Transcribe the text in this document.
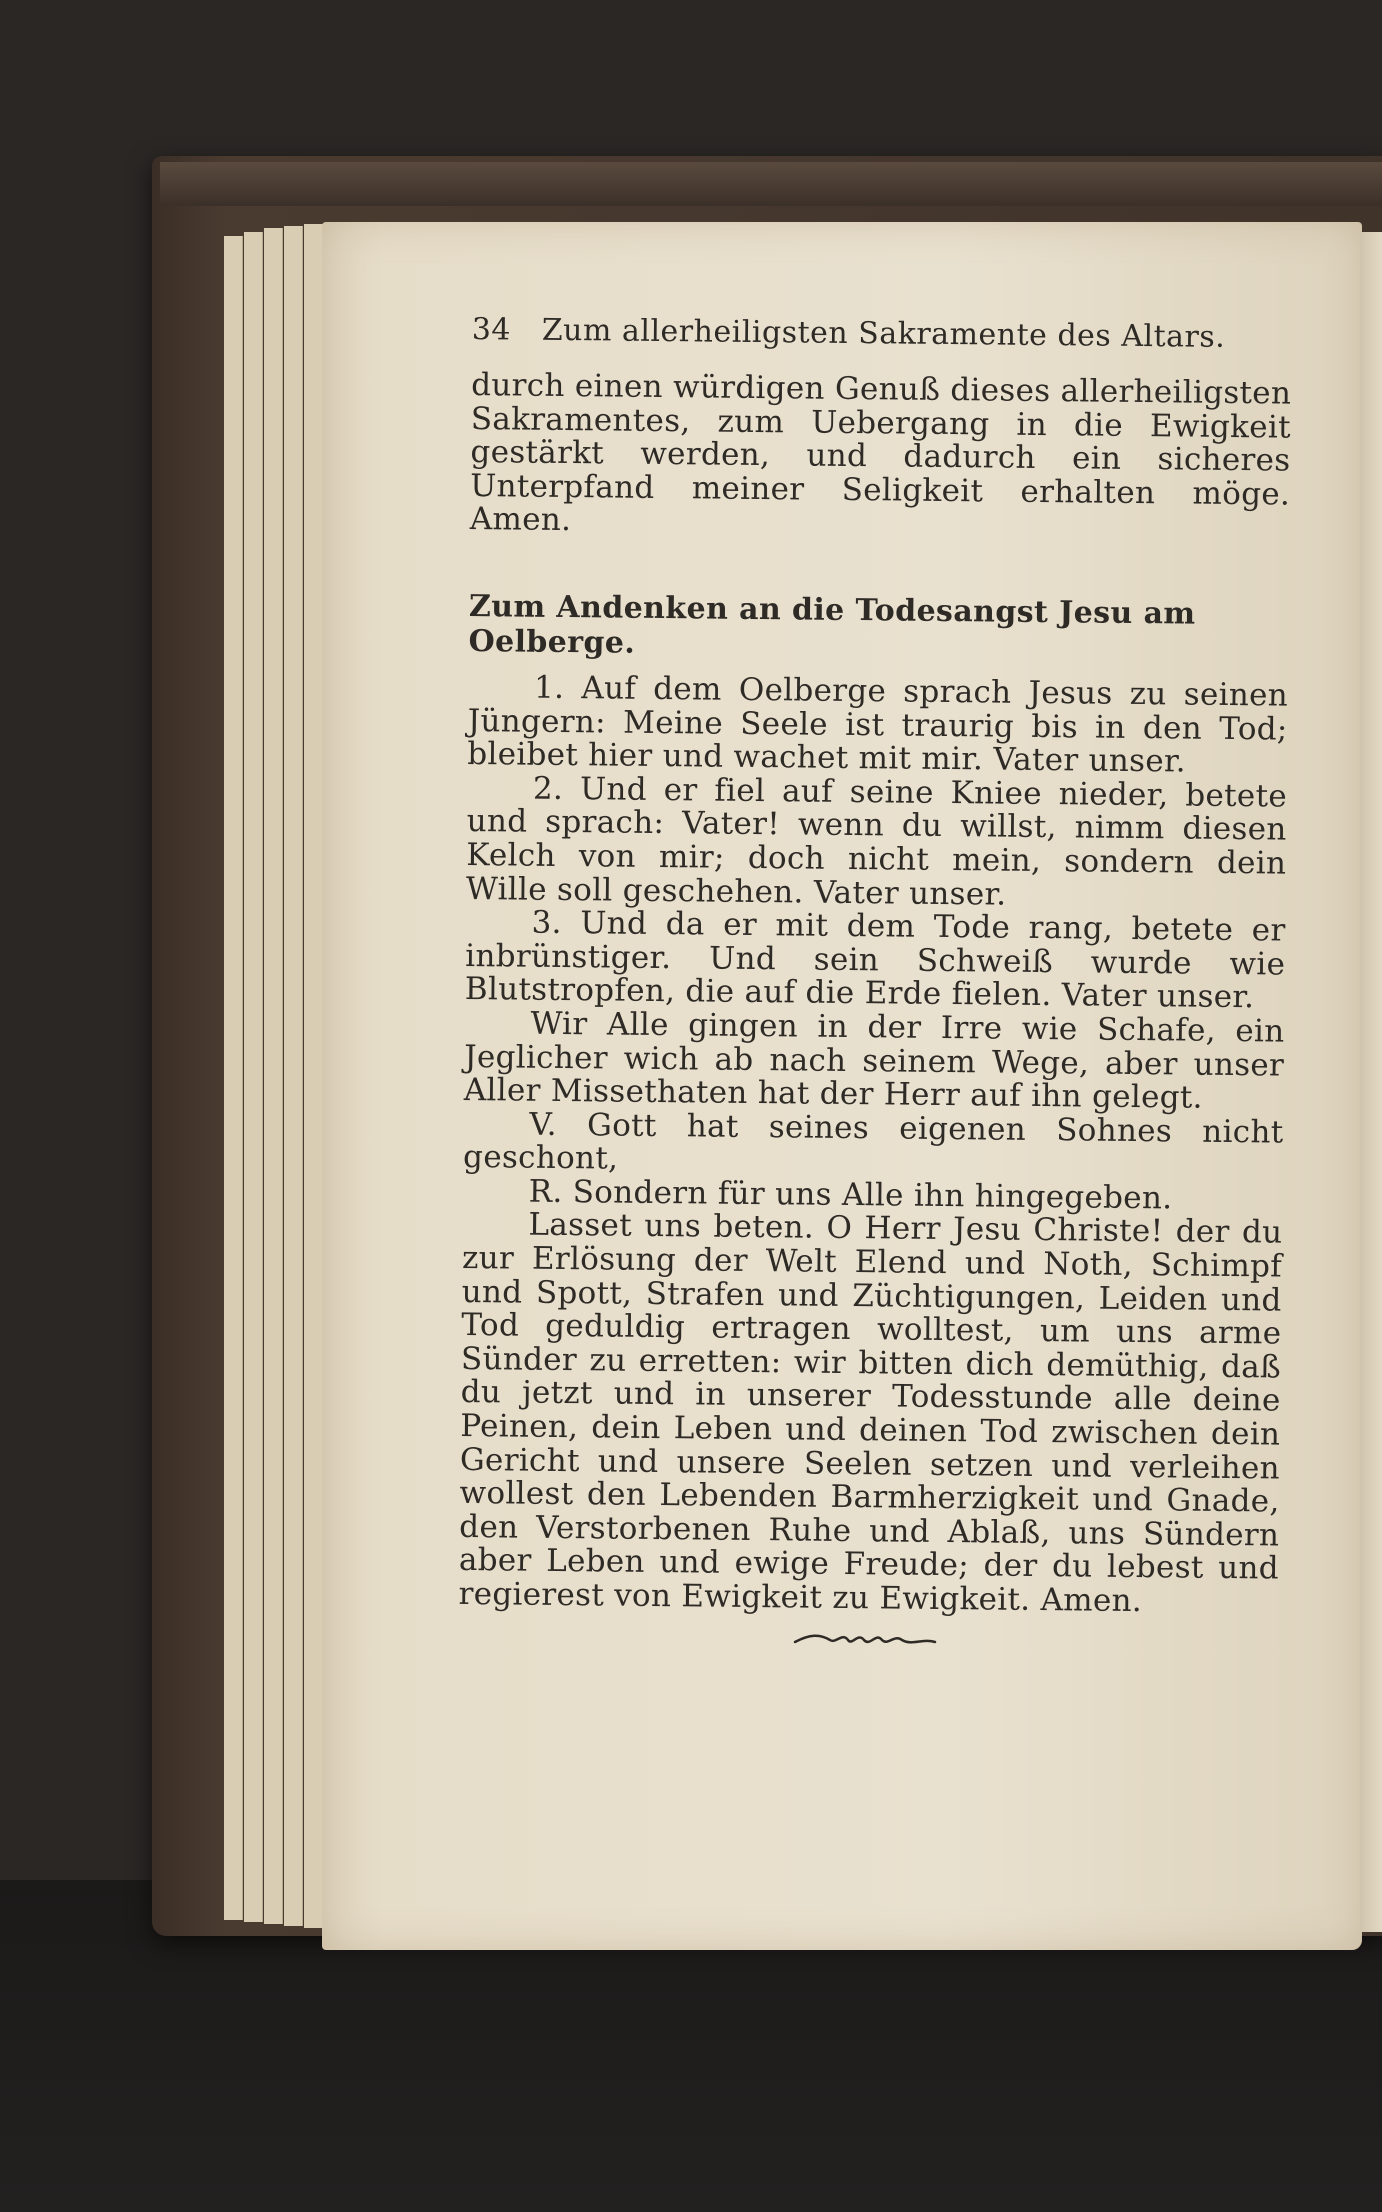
34	Zum allerheiligsten Sakramente des Altars.

durch einen würdigen Genuß dieses allerheiligsten Sakramentes, zum Uebergang in die Ewigkeit gestärkt werden, und dadurch ein sicheres Unterpfand meiner Seligkeit erhalten möge. Amen.

Zum Andenken an die Todesangst Jesu am Oelberge.

1. Auf dem Oelberge sprach Jesus zu seinen Jüngern: Meine Seele ist traurig bis in den Tod; bleibet hier und wachet mit mir. Vater unser.

2. Und er fiel auf seine Kniee nieder, betete und sprach: Vater! wenn du willst, nimm diesen Kelch von mir; doch nicht mein, sondern dein Wille soll geschehen. Vater unser.

3. Und da er mit dem Tode rang, betete er inbrünstiger. Und sein Schweiß wurde wie Blutstropfen, die auf die Erde fielen. Vater unser.

Wir Alle gingen in der Irre wie Schafe, ein Jeglicher wich ab nach seinem Wege, aber unser Aller Missethaten hat der Herr auf ihn gelegt.

V. Gott hat seines eigenen Sohnes nicht geschont,

R. Sondern für uns Alle ihn hingegeben.

Lasset uns beten. O Herr Jesu Christe! der du zur Erlösung der Welt Elend und Noth, Schimpf und Spott, Strafen und Züchtigungen, Leiden und Tod geduldig ertragen wolltest, um uns arme Sünder zu erretten: wir bitten dich demüthig, daß du jetzt und in unserer Todesstunde alle deine Peinen, dein Leben und deinen Tod zwischen dein Gericht und unsere Seelen setzen und verleihen wollest den Lebenden Barmherzigkeit und Gnade, den Verstorbenen Ruhe und Ablaß, uns Sündern aber Leben und ewige Freude; der du lebest und regierest von Ewigkeit zu Ewigkeit. Amen.
